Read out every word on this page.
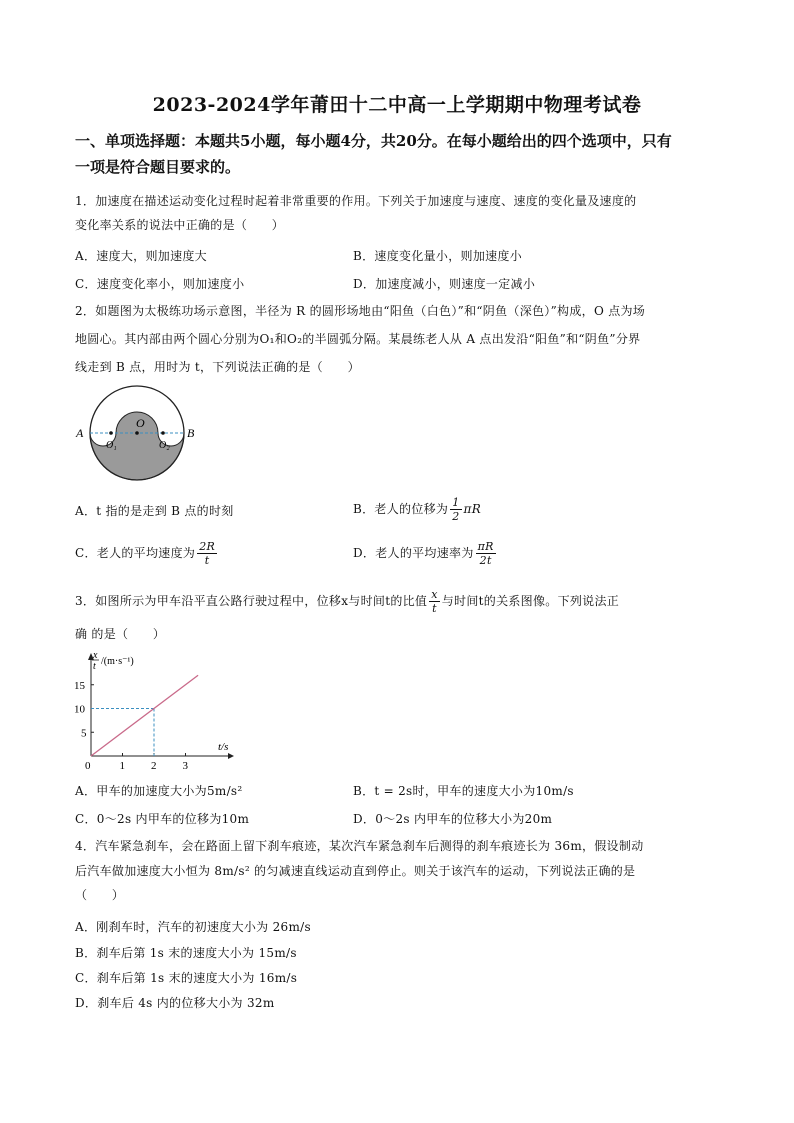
2023-2024学年莆田十二中高一上学期期中物理考试卷
一、单项选择题：本题共5小题，每小题4分，共20分。在每小题给出的四个选项中，只有
一项是符合题目要求的。
1．加速度在描述运动变化过程时起着非常重要的作用。下列关于加速度与速度、速度的变化量及速度的
变化率关系的说法中正确的是（　　）
A．速度大，则加速度大	B．速度变化量小，则加速度小
C．速度变化率小，则加速度小	D．加速度减小，则速度一定减小
2．如题图为太极练功场示意图，半径为 R 的圆形场地由“阳鱼（白色）”和“阴鱼（深色）”构成，O 点为场
地圆心。其内部由两个圆心分别为O₁和O₂的半圆弧分隔。某晨练老人从 A 点出发沿“阳鱼”和“阴鱼”分界
线走到 B 点，用时为 t，下列说法正确的是（　　）
A	B
O
O₁	O₂
A．t 指的是走到 B 点的时刻	B．老人的位移为 $\frac{1}{2}$ πR
C．老人的平均速度为 $\frac{2R}{t}$	D．老人的平均速率为 $\frac{\pi R}{2t}$
3．如图所示为甲车沿平直公路行驶过程中，位移x与时间t的比值 $\frac{x}{t}$ 与时间t的关系图像。下列说法正
确 的是（　　）
1 2 3
5
10
15
0
x
t /(m·s⁻¹)
t/s
A．甲车的加速度大小为5m/s²	B．t = 2s时，甲车的速度大小为10m/s
C．0～2s 内甲车的位移为10m	D．0～2s 内甲车的位移大小为20m
4．汽车紧急刹车，会在路面上留下刹车痕迹，某次汽车紧急刹车后测得的刹车痕迹长为 36m，假设制动
后汽车做加速度大小恒为 8m/s² 的匀减速直线运动直到停止。则关于该汽车的运动，下列说法正确的是
（　　）
A．刚刹车时，汽车的初速度大小为 26m/s
B．刹车后第 1s 末的速度大小为 15m/s
C．刹车后第 1s 末的速度大小为 16m/s
D．刹车后 4s 内的位移大小为 32m
